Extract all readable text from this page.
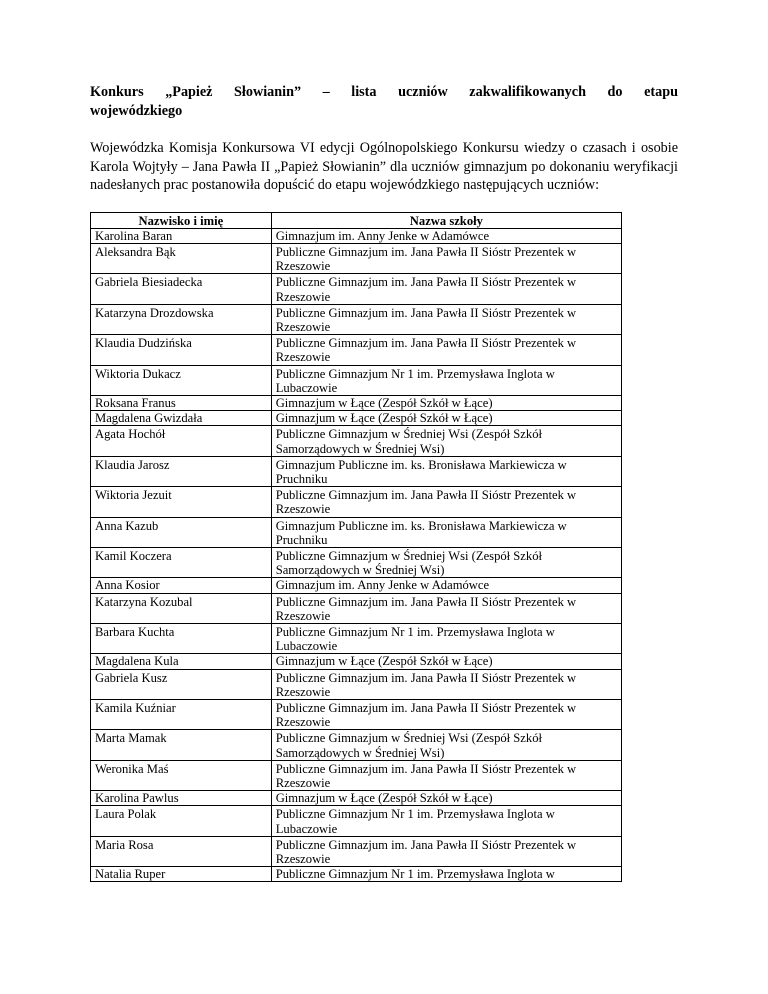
Konkurs „Papież Słowianin” – lista uczniów zakwalifikowanych do etapu
wojewódzkiego

Wojewódzka Komisja Konkursowa VI edycji Ogólnopolskiego Konkursu wiedzy o czasach i osobie Karola Wojtyły – Jana Pawła II „Papież Słowianin” dla uczniów gimnazjum po dokonaniu weryfikacji nadesłanych prac postanowiła dopuścić do etapu wojewódzkiego następujących uczniów:

Nazwisko i imię	Nazwa szkoły
Karolina Baran	Gimnazjum im. Anny Jenke w Adamówce
Aleksandra Bąk	Publiczne Gimnazjum im. Jana Pawła II Sióstr Prezentek w Rzeszowie
Gabriela Biesiadecka	Publiczne Gimnazjum im. Jana Pawła II Sióstr Prezentek w Rzeszowie
Katarzyna Drozdowska	Publiczne Gimnazjum im. Jana Pawła II Sióstr Prezentek w Rzeszowie
Klaudia Dudzińska	Publiczne Gimnazjum im. Jana Pawła II Sióstr Prezentek w Rzeszowie
Wiktoria Dukacz	Publiczne Gimnazjum Nr 1 im. Przemysława Inglota w Lubaczowie
Roksana Franus	Gimnazjum w Łące (Zespół Szkół w Łące)
Magdalena Gwizdała	Gimnazjum w Łące (Zespół Szkół w Łące)
Agata Hochół	Publiczne Gimnazjum w Średniej Wsi (Zespół Szkół Samorządowych w Średniej Wsi)
Klaudia Jarosz	Gimnazjum Publiczne im. ks. Bronisława Markiewicza w Pruchniku
Wiktoria Jezuit	Publiczne Gimnazjum im. Jana Pawła II Sióstr Prezentek w Rzeszowie
Anna Kazub	Gimnazjum Publiczne im. ks. Bronisława Markiewicza w Pruchniku
Kamil Koczera	Publiczne Gimnazjum w Średniej Wsi (Zespół Szkół Samorządowych w Średniej Wsi)
Anna Kosior	Gimnazjum im. Anny Jenke w Adamówce
Katarzyna Kozubal	Publiczne Gimnazjum im. Jana Pawła II Sióstr Prezentek w Rzeszowie
Barbara Kuchta	Publiczne Gimnazjum Nr 1 im. Przemysława Inglota w Lubaczowie
Magdalena Kula	Gimnazjum w Łące (Zespół Szkół w Łące)
Gabriela Kusz	Publiczne Gimnazjum im. Jana Pawła II Sióstr Prezentek w Rzeszowie
Kamila Kuźniar	Publiczne Gimnazjum im. Jana Pawła II Sióstr Prezentek w Rzeszowie
Marta Mamak	Publiczne Gimnazjum w Średniej Wsi (Zespół Szkół Samorządowych w Średniej Wsi)
Weronika Maś	Publiczne Gimnazjum im. Jana Pawła II Sióstr Prezentek w Rzeszowie
Karolina Pawlus	Gimnazjum w Łące (Zespół Szkół w Łące)
Laura Polak	Publiczne Gimnazjum Nr 1 im. Przemysława Inglota w Lubaczowie
Maria Rosa	Publiczne Gimnazjum im. Jana Pawła II Sióstr Prezentek w Rzeszowie
Natalia Ruper	Publiczne Gimnazjum Nr 1 im. Przemysława Inglota w
